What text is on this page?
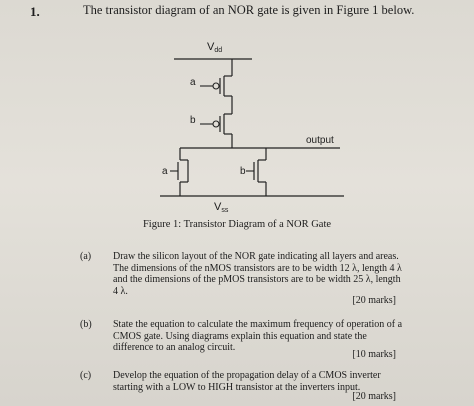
1.	The transistor diagram of an NOR gate is given in Figure 1 below.
Vdd
a
b
output
a	b
Vss
Figure 1: Transistor Diagram of a NOR Gate
(a) Draw the silicon layout of the NOR gate indicating all layers and areas.
The dimensions of the nMOS transistors are to be width 12 λ, length 4 λ
and the dimensions of the pMOS transistors are to be width 25 λ, length
4 λ.
[20 marks]
(b) State the equation to calculate the maximum frequency of operation of a
CMOS gate. Using diagrams explain this equation and state the
difference to an analog circuit.
[10 marks]
(c) Develop the equation of the propagation delay of a CMOS inverter
starting with a LOW to HIGH transistor at the inverters input.
[20 marks]
